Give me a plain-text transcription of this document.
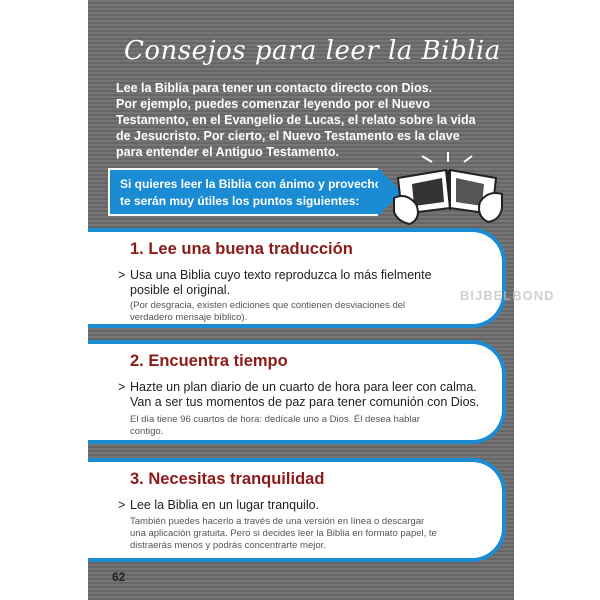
Consejos para leer la Biblia
Lee la Biblia para tener un contacto directo con Dios.
Por ejemplo, puedes comenzar leyendo por el Nuevo
Testamento, en el Evangelio de Lucas, el relato sobre la vida
de Jesucristo. Por cierto, el Nuevo Testamento es la clave
para entender el Antiguo Testamento.
Si quieres leer la Biblia con ánimo y provecho,
te serán muy útiles los puntos siguientes:
1. Lee una buena traducción
> Usa una Biblia cuyo texto reproduzca lo más fielmente
posible el original.
(Por desgracia, existen ediciones que contienen desviaciones del
verdadero mensaje bíblico).
2. Encuentra tiempo
> Hazte un plan diario de un cuarto de hora para leer con calma.
Van a ser tus momentos de paz para tener comunión con Dios.
El día tiene 96 cuartos de hora: dedícale uno a Dios. Él desea hablar
contigo.
3. Necesitas tranquilidad
> Lee la Biblia en un lugar tranquilo.
También puedes hacerlo a través de una versión en línea o descargar
una aplicación gratuita. Pero si decides leer la Biblia en formato papel, te
distraerás menos y podrás concentrarte mejor.
BIJBELBOND
62
